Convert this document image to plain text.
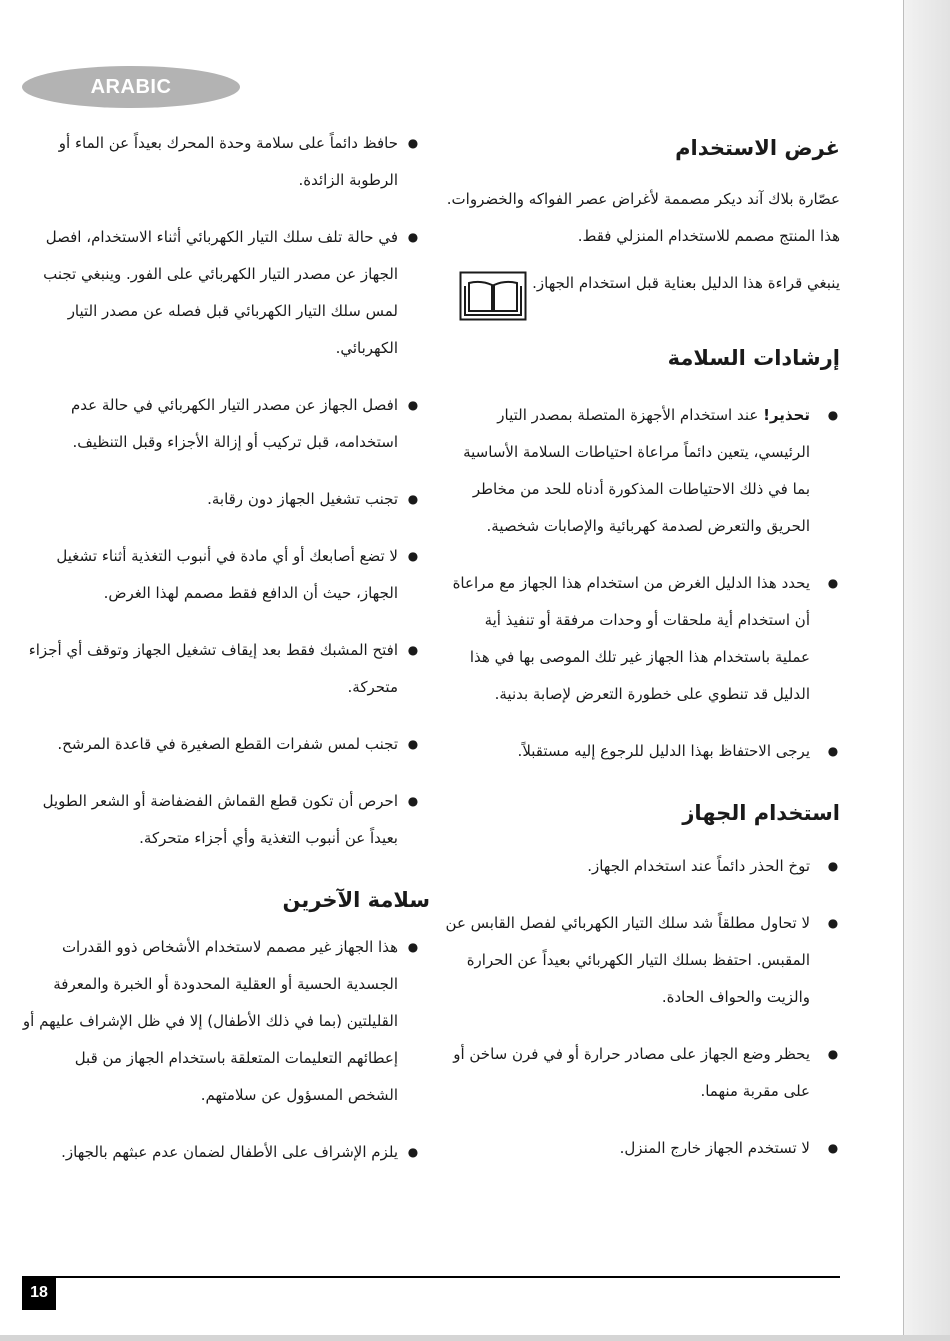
ARABIC
غرض الاستخدام

عصّارة بلاك آند ديكر مصممة لأغراض عصر الفواكه والخضروات. هذا المنتج مصمم للاستخدام المنزلي فقط.

ينبغي قراءة هذا الدليل بعناية قبل استخدام الجهاز.

إرشادات السلامة
●
تحذير! عند استخدام الأجهزة المتصلة بمصدر التيار الرئيسي، يتعين دائماً مراعاة احتياطات السلامة الأساسية بما في ذلك الاحتياطات المذكورة أدناه للحد من مخاطر الحريق والتعرض لصدمة كهربائية والإصابات شخصية.
●
يحدد هذا الدليل الغرض من استخدام هذا الجهاز مع مراعاة أن استخدام أية ملحقات أو وحدات مرفقة أو تنفيذ أية عملية باستخدام هذا الجهاز غير تلك الموصى بها في هذا الدليل قد تنطوي على خطورة التعرض لإصابة بدنية.
●
يرجى الاحتفاظ بهذا الدليل للرجوع إليه مستقبلاً.
استخدام الجهاز
●
توخ الحذر دائماً عند استخدام الجهاز.
●
لا تحاول مطلقاً شد سلك التيار الكهربائي لفصل القابس عن المقبس. احتفظ بسلك التيار الكهربائي بعيداً عن الحرارة والزيت والحواف الحادة.
●
يحظر وضع الجهاز على مصادر حرارة أو في فرن ساخن أو على مقربة منهما.
●
لا تستخدم الجهاز خارج المنزل.
●
حافظ دائماً على سلامة وحدة المحرك بعيداً عن الماء أو الرطوبة الزائدة.
●
في حالة تلف سلك التيار الكهربائي أثناء الاستخدام، افصل الجهاز عن مصدر التيار الكهربائي على الفور. وينبغي تجنب لمس سلك التيار الكهربائي قبل فصله عن مصدر التيار الكهربائي.
●
افصل الجهاز عن مصدر التيار الكهربائي في حالة عدم استخدامه، قبل تركيب أو إزالة الأجزاء وقبل التنظيف.
●
تجنب تشغيل الجهاز دون رقابة.
●
لا تضع أصابعك أو أي مادة في أنبوب التغذية أثناء تشغيل الجهاز، حيث أن الدافع فقط مصمم لهذا الغرض.
●
افتح المشبك فقط بعد إيقاف تشغيل الجهاز وتوقف أي أجزاء متحركة.
●
تجنب لمس شفرات القطع الصغيرة في قاعدة المرشح.
●
احرص أن تكون قطع القماش الفضفاضة أو الشعر الطويل بعيداً عن أنبوب التغذية وأي أجزاء متحركة.
سلامة الآخرين
●
هذا الجهاز غير مصمم لاستخدام الأشخاص ذوو القدرات الجسدية الحسية أو العقلية المحدودة أو الخبرة والمعرفة القليلتين (بما في ذلك الأطفال) إلا في ظل الإشراف عليهم أو إعطائهم التعليمات المتعلقة باستخدام الجهاز من قبل الشخص المسؤول عن سلامتهم.
●
يلزم الإشراف على الأطفال لضمان عدم عبثهم بالجهاز.
18
